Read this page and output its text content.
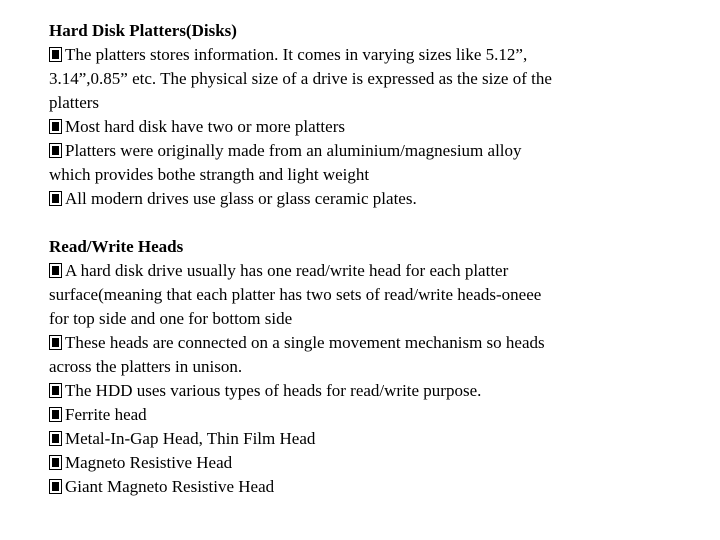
Hard Disk Platters(Disks)

The platters stores information. It comes in varying sizes like 5.12”,

3.14”,0.85” etc. The physical size of a drive is expressed as the size of the

platters

Most hard disk have two or more platters

Platters were originally made from an aluminium/magnesium alloy

which provides bothe strangth and light weight

All modern drives use glass or glass ceramic plates.

Read/Write Heads

A hard disk drive usually has one read/write head for each platter

surface(meaning that each platter has two sets of read/write heads-oneee

for top side and one for bottom side

These heads are connected on a single movement mechanism so heads

across the platters in unison.

The HDD uses various types of heads for read/write purpose.

Ferrite head

Metal-In-Gap Head, Thin Film Head

Magneto Resistive Head

Giant Magneto Resistive Head
